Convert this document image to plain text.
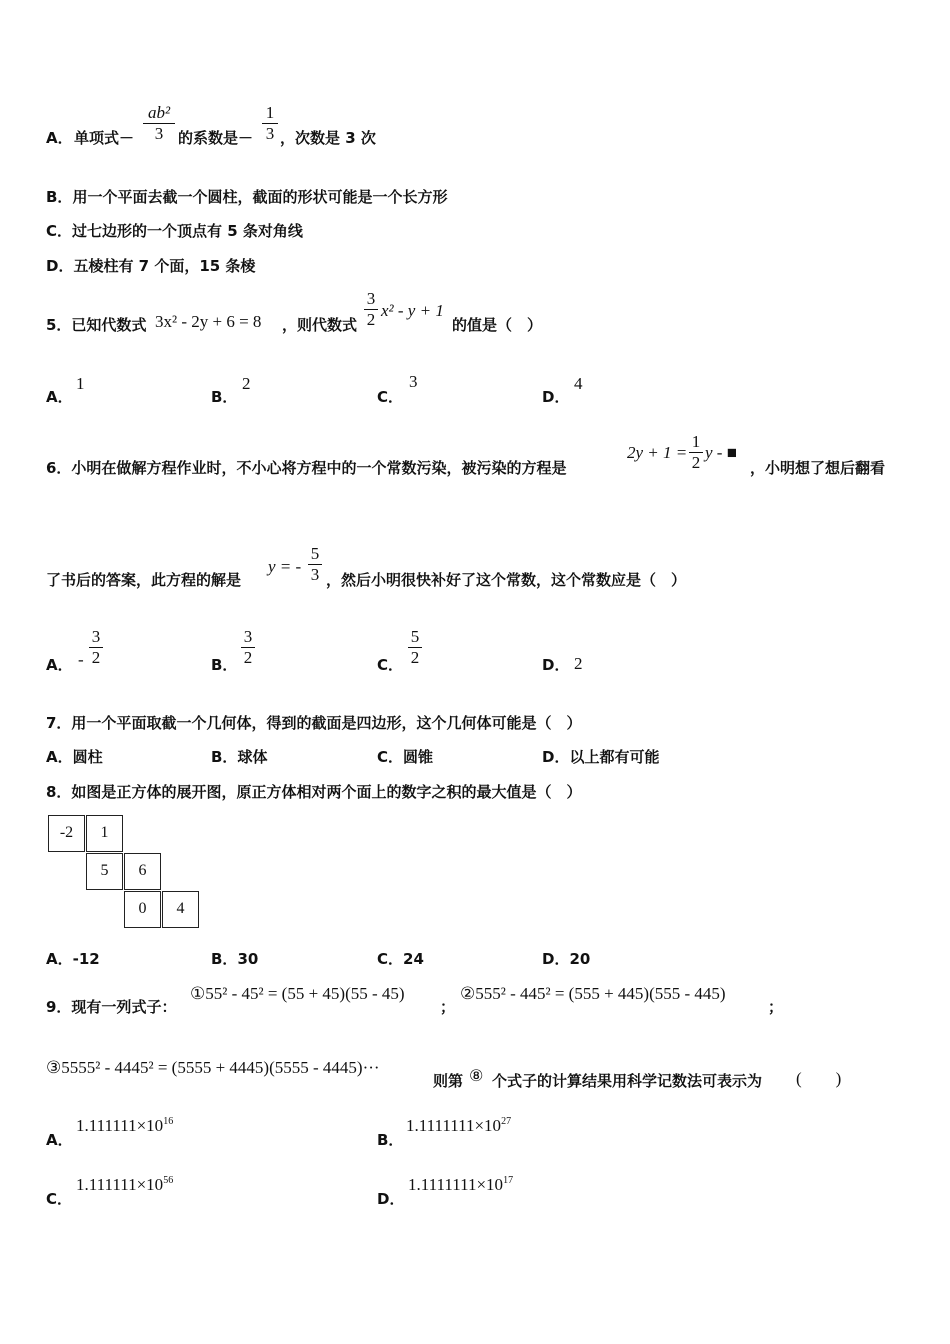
A． 单项式－
ab²
3 的系数是－
1
3 ，次数是 3 次
B．用一个平面去截一个圆柱，截面的形状可能是一个长方形
C．过七边形的一个顶点有 5 条对角线
D．五棱柱有 7 个面，15 条棱
5．已知代数式 3x² - 2y + 6 = 8 ，则代数式
3
2 x² - y + 1
的值是（　）
A．
1
B．
2
C．
3
D．
4
6．小明在做解方程作业时，不小心将方程中的一个常数污染，被污染的方程是
2y + 1 =
1
2
y - ■
，小明想了想后翻看
了书后的答案，此方程的解是
y = -
5
3 ，然后小明很快补好了这个常数，这个常数应是（　）
A． -
3
2	B．
3
2	C．
5
2	D． 2
7．用一个平面取截一个几何体，得到的截面是四边形，这个几何体可能是（　）
A．圆柱	B．球体	C．圆锥	D．以上都有可能
8．如图是正方体的展开图，原正方体相对两个面上的数字之积的最大值是（　）
-2	1
5	6
0	4
A．-12	B．30	C．24	D．20
9．现有一列式子：
①55² - 45² = (55 + 45)(55 - 45)
；
②555² - 445² = (555 + 445)(555 - 445)
；
③5555² - 4445² = (5555 + 4445)(5555 - 4445)···
则第 ⑧ 个式子的计算结果用科学记数法可表示为 (　　)
A．
$1.111111\times 10^{16}$
B．
$1.1111111\times 10^{27}$
C．
$1.111111\times 10^{56}$
D．
$1.1111111\times 10^{17}$
